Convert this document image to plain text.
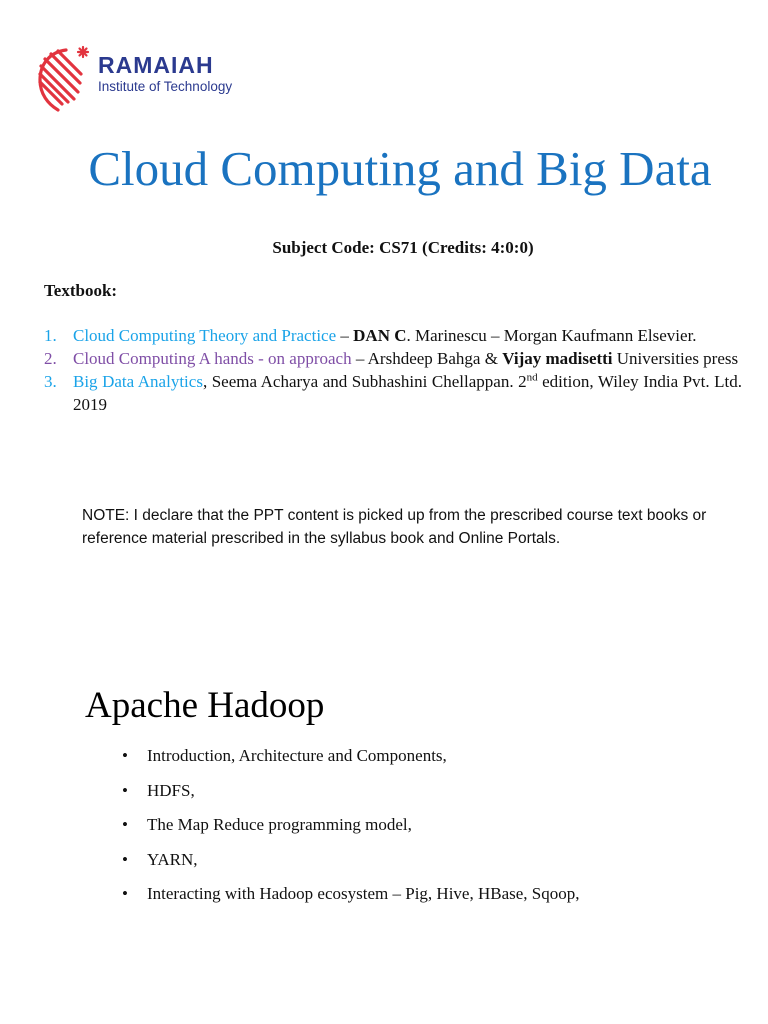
RAMAIAH
Institute of Technology
Cloud Computing and Big Data
Subject Code: CS71 (Credits: 4:0:0)
Textbook:
1. Cloud Computing Theory and Practice – DAN C. Marinescu – Morgan Kaufmann Elsevier.
2. Cloud Computing A hands - on approach – Arshdeep Bahga & Vijay madisetti Universities press
3. Big Data Analytics, Seema Acharya and Subhashini Chellappan. 2nd edition, Wiley India Pvt. Ltd. 2019
NOTE: I declare that the PPT content is picked up from the prescribed course text books or reference material prescribed in the syllabus book and Online Portals.
Apache Hadoop
• Introduction, Architecture and Components,
• HDFS,
• The Map Reduce programming model,
• YARN,
• Interacting with Hadoop ecosystem – Pig, Hive, HBase, Sqoop,
